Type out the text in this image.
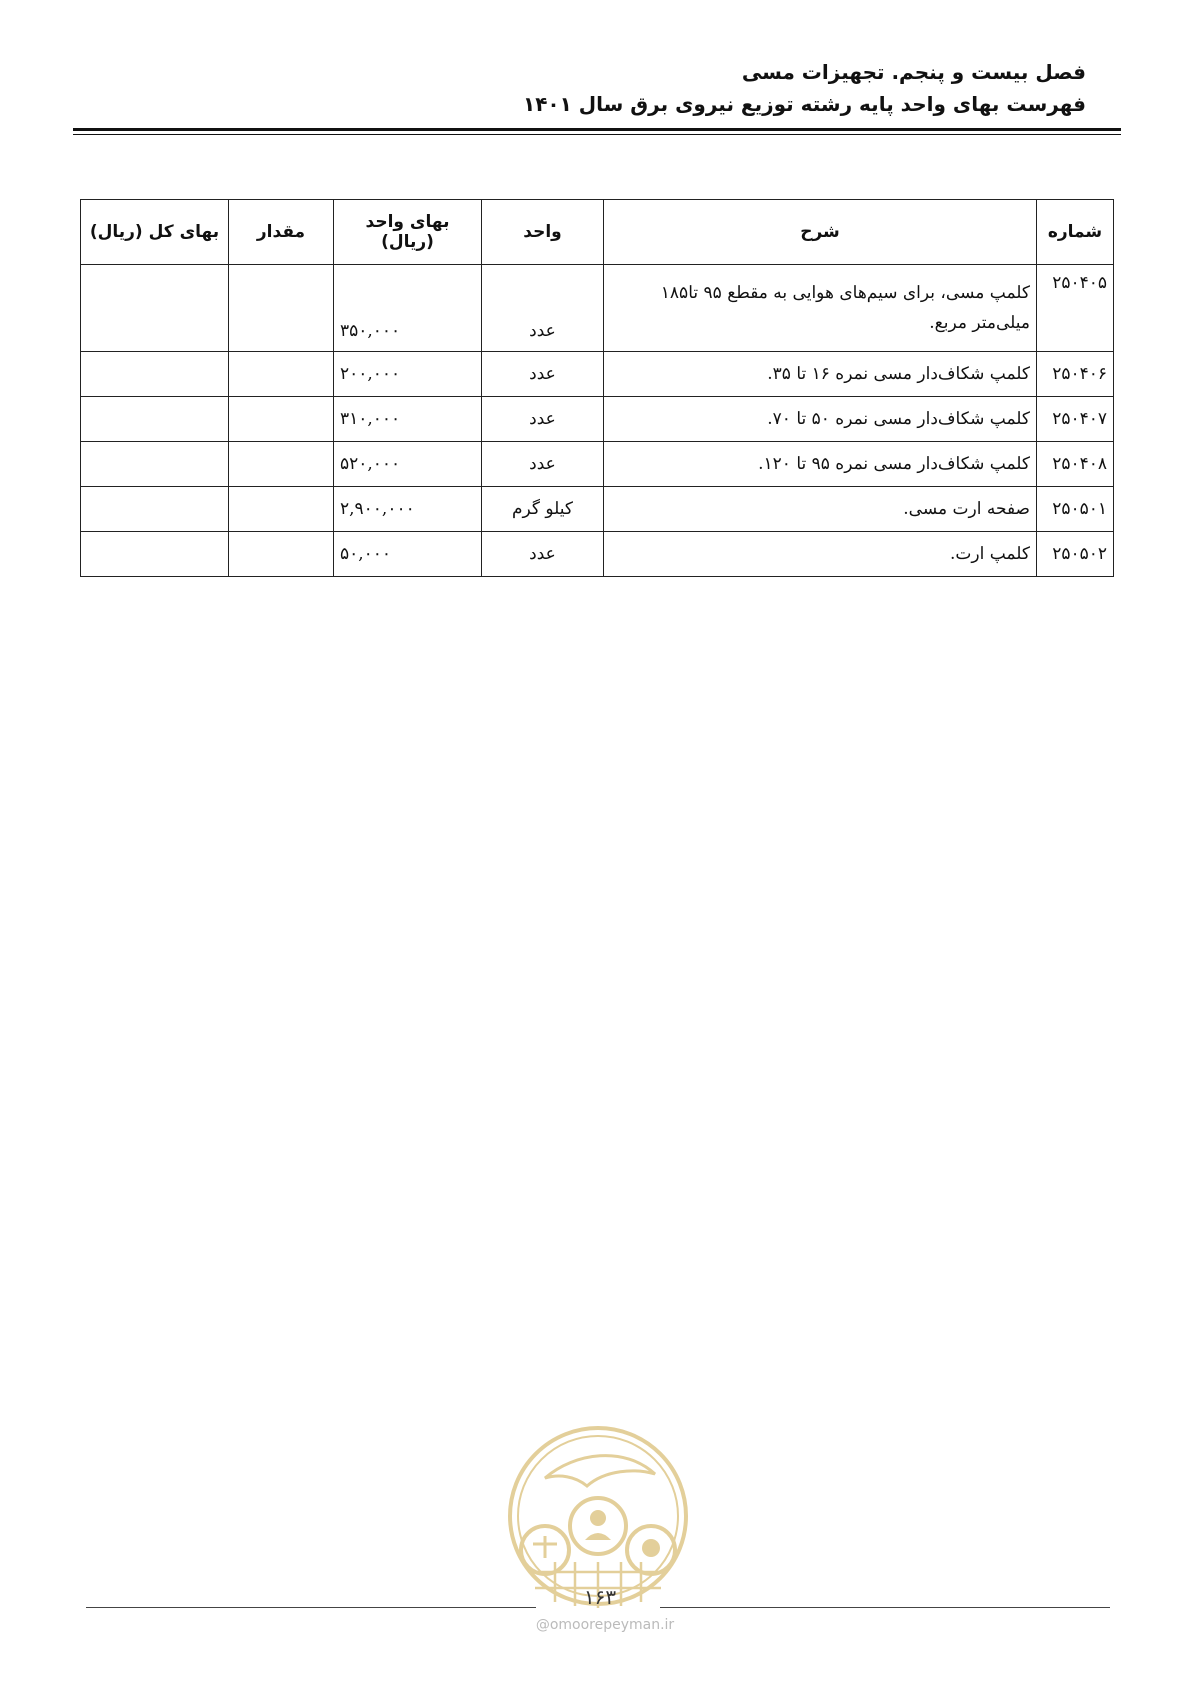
فصل بیست و پنجم. تجهیزات مسی
فهرست بهای واحد پایه رشته توزیع نیروی برق سال ۱۴۰۱
شماره	شرح	واحد	بهای واحد (ریال)	مقدار	بهای کل (ریال)
۲۵۰۴۰۵	کلمپ مسی، برای سیم‌های هوایی به مقطع ۹۵ تا۱۸۵ میلی‌متر مربع.	عدد	۳۵۰,۰۰۰		
۲۵۰۴۰۶	کلمپ شکاف‌دار مسی نمره ۱۶ تا ۳۵.	عدد	۲۰۰,۰۰۰		
۲۵۰۴۰۷	کلمپ شکاف‌دار مسی نمره ۵۰ تا ۷۰.	عدد	۳۱۰,۰۰۰		
۲۵۰۴۰۸	کلمپ شکاف‌دار مسی نمره ۹۵ تا ۱۲۰.	عدد	۵۲۰,۰۰۰		
۲۵۰۵۰۱	صفحه ارت مسی.	کیلو گرم	۲,۹۰۰,۰۰۰		
۲۵۰۵۰۲	کلمپ ارت.	عدد	۵۰,۰۰۰		
۱۶۳
@omoorepeyman.ir
